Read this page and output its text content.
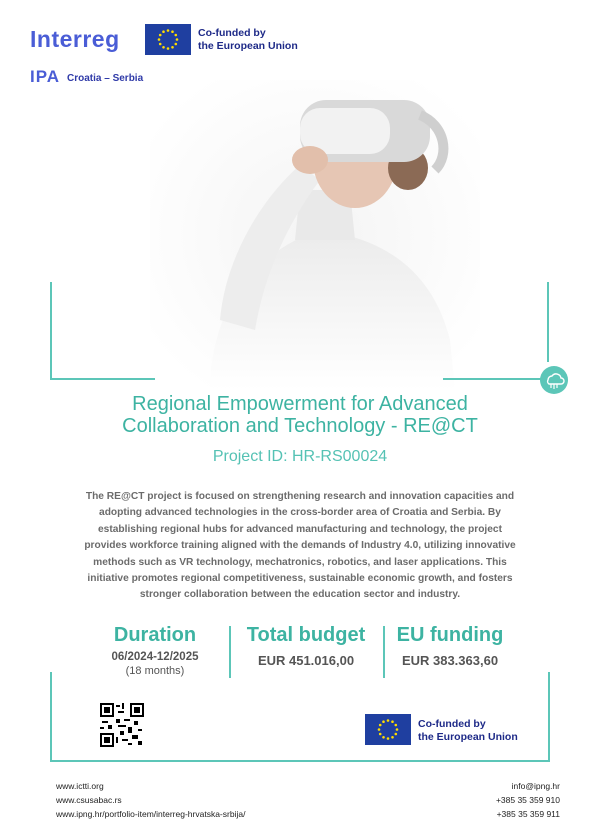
Interreg	Co-funded by
the European Union
IPA Croatia – Serbia
Regional Empowerment for Advanced
Collaboration and Technology - RE@CT
Project ID: HR-RS00024
The RE@CT project is focused on strengthening research and innovation capacities and
adopting advanced technologies in the cross-border area of Croatia and Serbia. By
establishing regional hubs for advanced manufacturing and technology, the project
provides workforce training aligned with the demands of Industry 4.0, utilizing innovative
methods such as VR technology, mechatronics, robotics, and laser applications. This
initiative promotes regional competitiveness, sustainable economic growth, and fosters
stronger collaboration between the education sector and industry.
Duration
06/2024-12/2025
(18 months)
Total budget
EUR 451.016,00
EU funding
EUR 383.363,60
Co-funded by
the European Union
www.ictti.org
www.csusabac.rs
www.ipng.hr/portfolio-item/interreg-hrvatska-srbija/
info@ipng.hr
+385 35 359 910
+385 35 359 911
